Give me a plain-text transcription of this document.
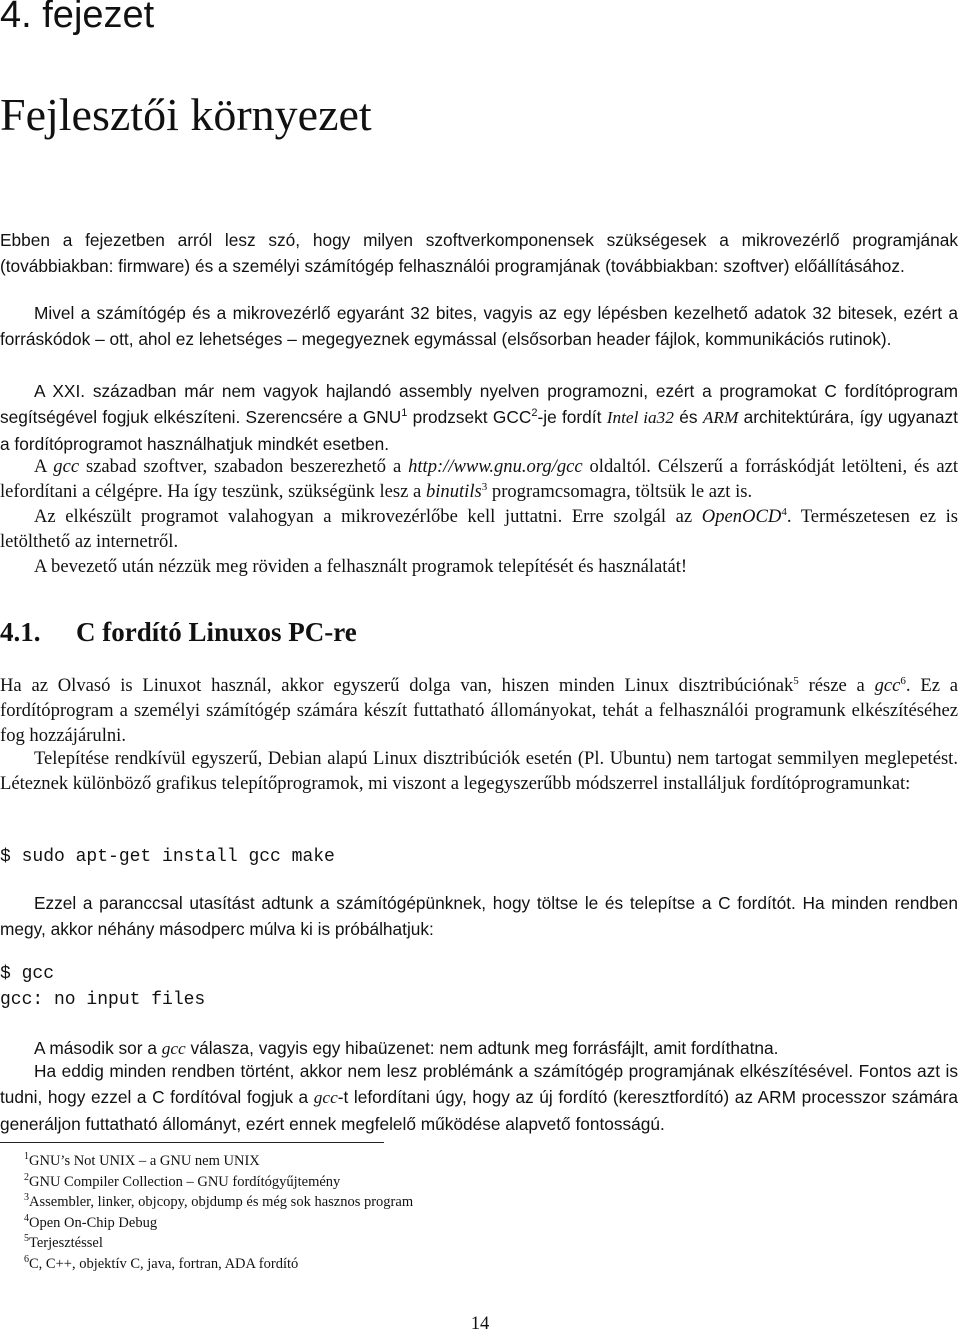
4. fejezet
Fejlesztői környezet

Ebben a fejezetben arról lesz szó, hogy milyen szoftverkomponensek szükségesek a mikrovezérlő programjának (továbbiakban: firmware) és a személyi számítógép felhasználói programjának (továbbiakban: szoftver) előállításához.

Mivel a számítógép és a mikrovezérlő egyaránt 32 bites, vagyis az egy lépésben kezelhető adatok 32 bitesek, ezért a forráskódok – ott, ahol ez lehetséges – megegyeznek egymással (elsősorban header fájlok, kommunikációs rutinok).

A XXI. században már nem vagyok hajlandó assembly nyelven programozni, ezért a programokat C fordítóprogram segítségével fogjuk elkészíteni. Szerencsére a GNU$^1$ prodzsekt GCC$^2$-je fordít Intel ia32 és ARM architektúrára, így ugyanazt a fordítóprogramot használhatjuk mindkét esetben.

A gcc szabad szoftver, szabadon beszerezhető a http://www.gnu.org/gcc oldaltól. Célszerű a forráskódját letölteni, és azt lefordítani a célgépre. Ha így teszünk, szükségünk lesz a binutils$^3$ programcsomagra, töltsük le azt is.

Az elkészült programot valahogyan a mikrovezérlőbe kell juttatni. Erre szolgál az OpenOCD$^4$. Természetesen ez is letölthető az internetről.

A bevezető után nézzük meg röviden a felhasznált programok telepítését és használatát!

4.1. C fordító Linuxos PC-re

Ha az Olvasó is Linuxot használ, akkor egyszerű dolga van, hiszen minden Linux disztribúciónak$^5$ része a gcc$^6$. Ez a fordítóprogram a személyi számítógép számára készít futtatható állományokat, tehát a felhasználói programunk elkészítéséhez fog hozzájárulni.

Telepítése rendkívül egyszerű, Debian alapú Linux disztribúciók esetén (Pl. Ubuntu) nem tartogat semmilyen meglepetést. Léteznek különböző grafikus telepítőprogramok, mi viszont a legegyszerűbb módszerrel installáljuk fordítóprogramunkat:

$ sudo apt-get install gcc make

Ezzel a paranccsal utasítást adtunk a számítógépünknek, hogy töltse le és telepítse a C fordítót. Ha minden rendben megy, akkor néhány másodperc múlva ki is próbálhatjuk:

$ gcc
gcc: no input files

A második sor a gcc válasza, vagyis egy hibaüzenet: nem adtunk meg forrásfájlt, amit fordíthatna.

Ha eddig minden rendben történt, akkor nem lesz problémánk a számítógép programjának elkészítésével. Fontos azt is tudni, hogy ezzel a C fordítóval fogjuk a gcc-t lefordítani úgy, hogy az új fordító (keresztfordító) az ARM processzor számára generáljon futtatható állományt, ezért ennek megfelelő működése alapvető fontosságú.

$^1$GNU’s Not UNIX – a GNU nem UNIX
$^2$GNU Compiler Collection – GNU fordítógyűjtemény
$^3$Assembler, linker, objcopy, objdump és még sok hasznos program
$^4$Open On-Chip Debug
$^5$Terjesztéssel
$^6$C, C++, objektív C, java, fortran, ADA fordító

14
